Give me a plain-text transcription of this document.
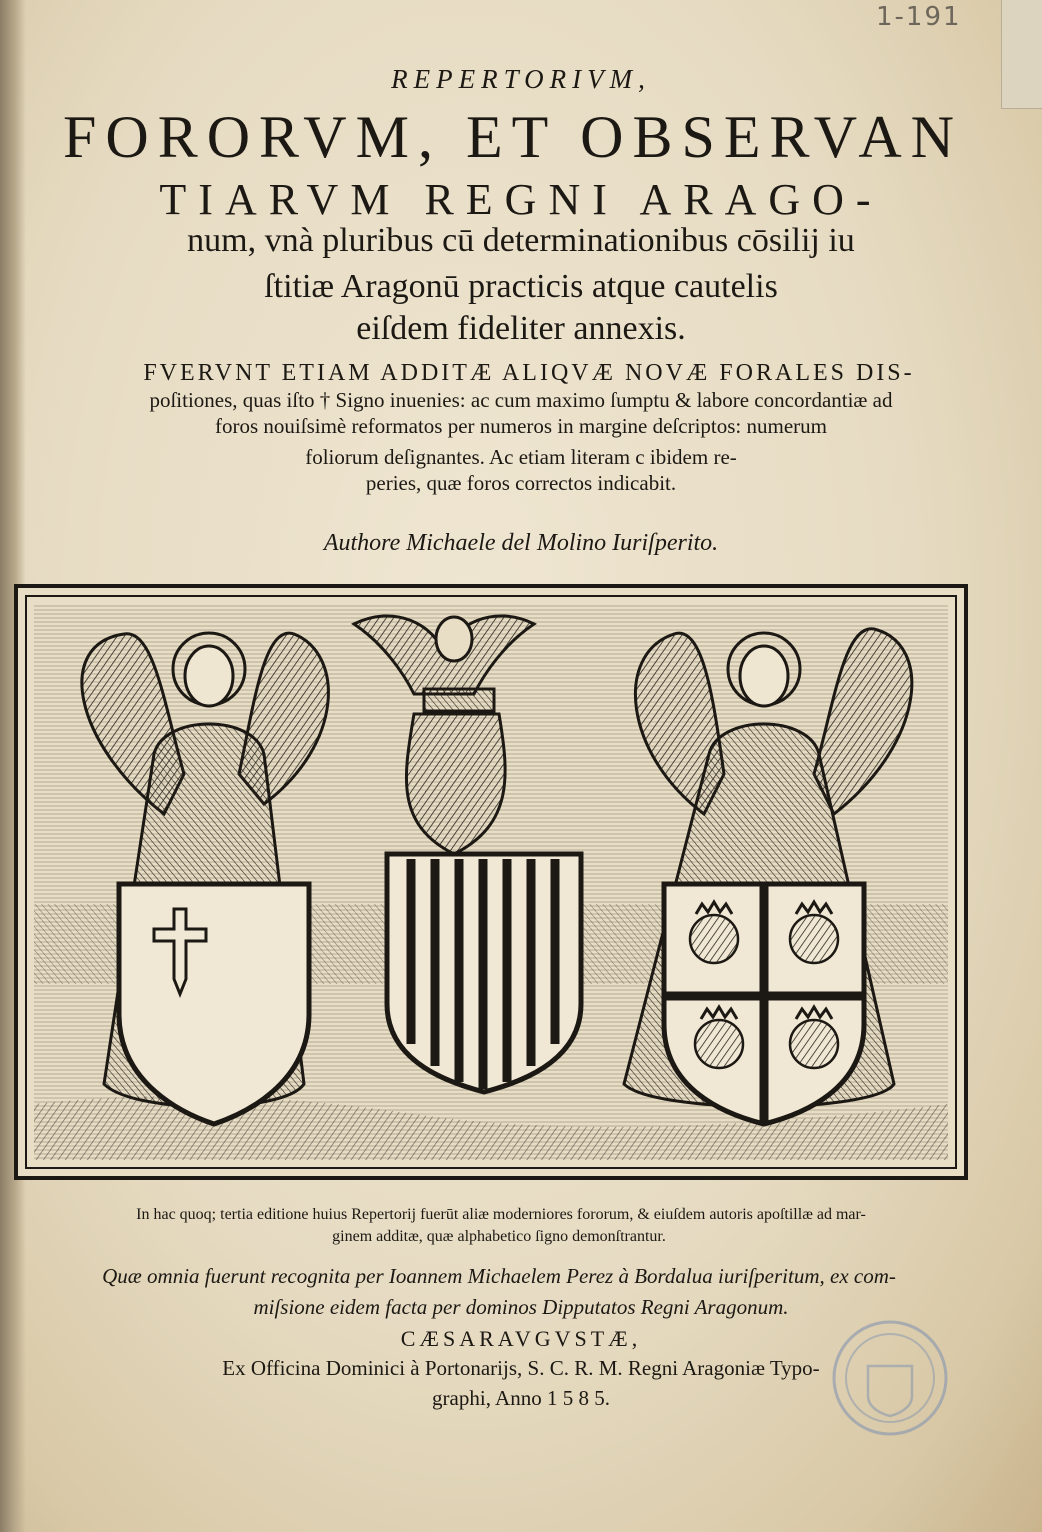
1-191
REPERTORIVM,
FORORVM, ET OBSERVAN
TIARVM REGNI ARAGO-
num, vnà pluribus cū determinationibus cōsilij iu
ſtitiæ Aragonū practicis atque cautelis
eiſdem fideliter annexis.
FVERVNT ETIAM ADDITÆ ALIQVÆ NOVÆ FORALES DIS-
poſitiones, quas iſto † Signo inuenies: ac cum maximo ſumptu & labore concordantiæ ad
foros nouiſsimè reformatos per numeros in margine deſcriptos: numerum
foliorum deſignantes. Ac etiam literam c ibidem re-
peries, quæ foros correctos indicabit.
Authore Michaele del Molino Iuriſperito.
In hac quoq; tertia editione huius Repertorij fuerūt aliæ moderniores fororum, & eiuſdem autoris apoſtillæ ad mar-
ginem additæ, quæ alphabetico ſigno demonſtrantur.
Quæ omnia fuerunt recognita per Ioannem Michaelem Perez à Bordalua iuriſperitum, ex com-
miſsione eidem facta per dominos Dipputatos Regni Aragonum.
CÆSARAVGVSTÆ,
Ex Officina Dominici à Portonarijs, S. C. R. M. Regni Aragoniæ Typo-
graphi, Anno 1 5 8 5.
